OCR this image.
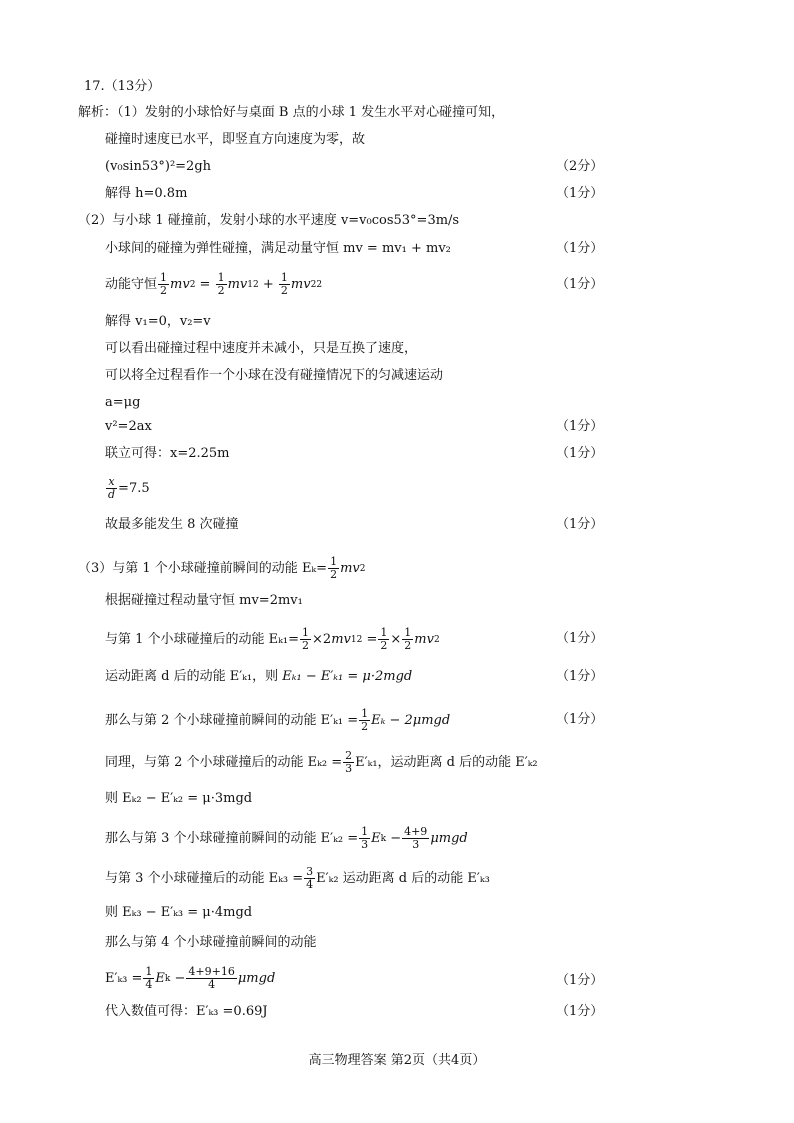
17.（13分）
解析：（1）发射的小球恰好与桌面 B 点的小球 1 发生水平对心碰撞可知，
碰撞时速度已水平，即竖直方向速度为零，故
(v₀sin53°)²=2gh	（2分）
解得 h=0.8m	（1分）
（2）与小球 1 碰撞前，发射小球的水平速度 v=v₀cos53°=3m/s
小球间的碰撞为弹性碰撞，满足动量守恒 mv = mv₁ + mv₂	（1分）
动能守恒 1
2 mv 2 = 1
2 mv 1 2 + 1
2 mv 2 2	（1分）
解得 v₁=0，v₂=v
可以看出碰撞过程中速度并未减小，只是互换了速度，
可以将全过程看作一个小球在没有碰撞情况下的匀减速运动
a=μg
v²=2ax	（1分）
联立可得：x=2.25m	（1分）
$\frac{x}{d} =7.5$
故最多能发生 8 次碰撞	（1分）
（3）与第 1 个小球碰撞前瞬间的动能 $E_k= \frac{1}{2}$ mv 2
根据碰撞过程动量守恒 mv=2mv₁
与第 1 个小球碰撞后的动能 $E_{k1}= \frac{1}{2} \times 2$ mv 1 2 = 1
2 × 1
2 mv 2	（1分）
运动距离 d 后的动能 E′ₖ₁，则
Eₖ₁ − E′ₖ₁ = μ·2mgd	（1分）
那么与第 2 个小球碰撞前瞬间的动能 $E'_{k1} = \frac{1}{2}$ Eₖ − 2μmgd	（1分）
同理，与第 2 个小球碰撞后的动能 $E_{k2} = \frac{2}{3} E'_{k1}$，运动距离 d 后的动能 E′ₖ₂
则 Eₖ₂ − E′ₖ₂ = μ·3mgd
那么与第 3 个小球碰撞前瞬间的动能 $E'_{k2} = \frac{1}{3}$ E k − 4+9
3 μmgd
与第 3 个小球碰撞后的动能 $E_{k3} = \frac{3}{4} E'_{k2}$ 运动距离 d 后的动能 E′ₖ₃
则 Eₖ₃ − E′ₖ₃ = μ·4mgd
那么与第 4 个小球碰撞前瞬间的动能
$E'_{k3} = \frac{1}{4}$ E k − 4+9+16
4 μmgd	（1分）
代入数值可得：E′ₖ₃ =0.69J	（1分）
高三物理答案 第2页（共4页）
